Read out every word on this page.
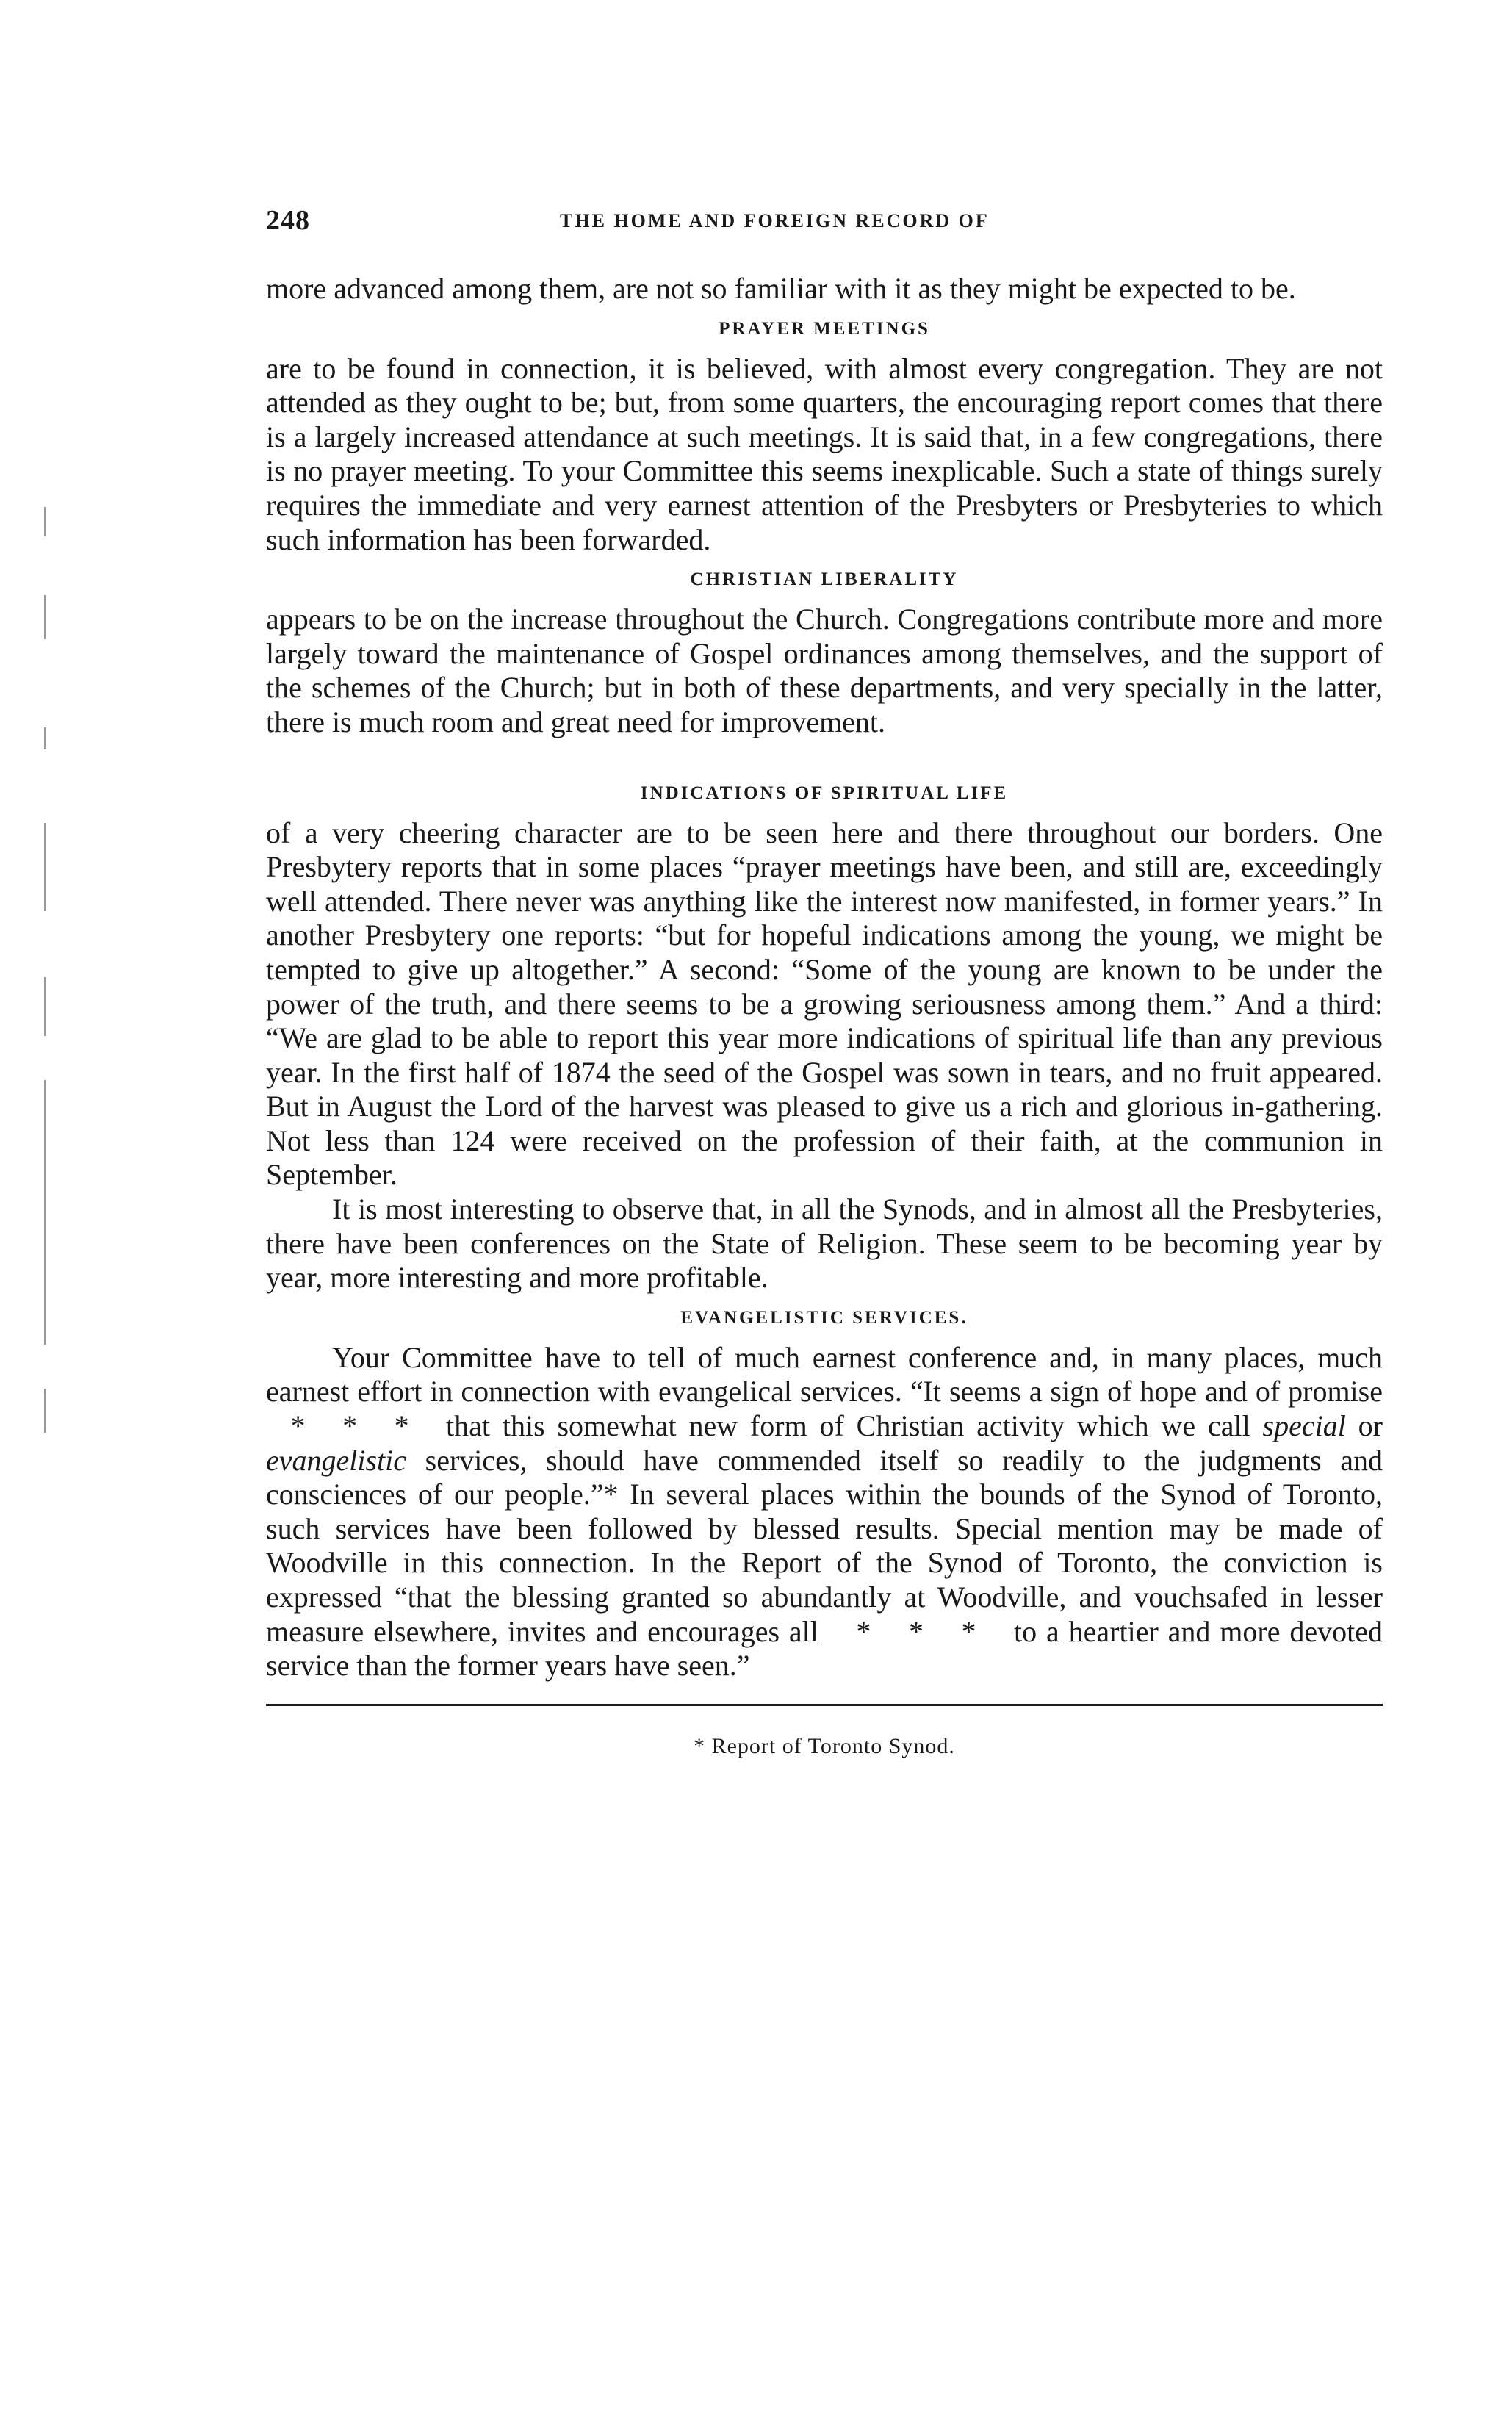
248	THE HOME AND FOREIGN RECORD OF

more advanced among them, are not so familiar with it as they might be expected to be.

PRAYER MEETINGS

are to be found in connection, it is believed, with almost every congregation. They are not attended as they ought to be; but, from some quarters, the encouraging report comes that there is a largely increased attendance at such meetings. It is said that, in a few congregations, there is no prayer meeting. To your Committee this seems inexplicable. Such a state of things surely requires the immediate and very earnest attention of the Presbyters or Presbyteries to which such information has been forwarded.

CHRISTIAN LIBERALITY

appears to be on the increase throughout the Church. Congregations contribute more and more largely toward the maintenance of Gospel ordinances among themselves, and the support of the schemes of the Church; but in both of these departments, and very specially in the latter, there is much room and great need for improvement.

INDICATIONS OF SPIRITUAL LIFE

of a very cheering character are to be seen here and there throughout our borders. One Presbytery reports that in some places “prayer meetings have been, and still are, exceedingly well attended. There never was anything like the interest now manifested, in former years.” In another Presbytery one reports: “but for hopeful indications among the young, we might be tempted to give up altogether.” A second: “Some of the young are known to be under the power of the truth, and there seems to be a growing seriousness among them.” And a third: “We are glad to be able to report this year more indications of spiritual life than any previous year. In the first half of 1874 the seed of the Gospel was sown in tears, and no fruit appeared. But in August the Lord of the harvest was pleased to give us a rich and glorious in-gathering. Not less than 124 were received on the profession of their faith, at the communion in September.

It is most interesting to observe that, in all the Synods, and in almost all the Presbyteries, there have been conferences on the State of Religion. These seem to be becoming year by year, more interesting and more profitable.

EVANGELISTIC SERVICES.

Your Committee have to tell of much earnest conference and, in many places, much earnest effort in connection with evangelical services. “It seems a sign of hope and of promise   *   *   *   that this somewhat new form of Christian activity which we call special or evangelistic services, should have commended itself so readily to the judgments and consciences of our people.”* In several places within the bounds of the Synod of Toronto, such services have been followed by blessed results. Special mention may be made of Woodville in this connection. In the Report of the Synod of Toronto, the conviction is expressed “that the blessing granted so abundantly at Woodville, and vouchsafed in lesser measure elsewhere, invites and encourages all    *    *    *    to a heartier and more devoted service than the former years have seen.”

* Report of Toronto Synod.
